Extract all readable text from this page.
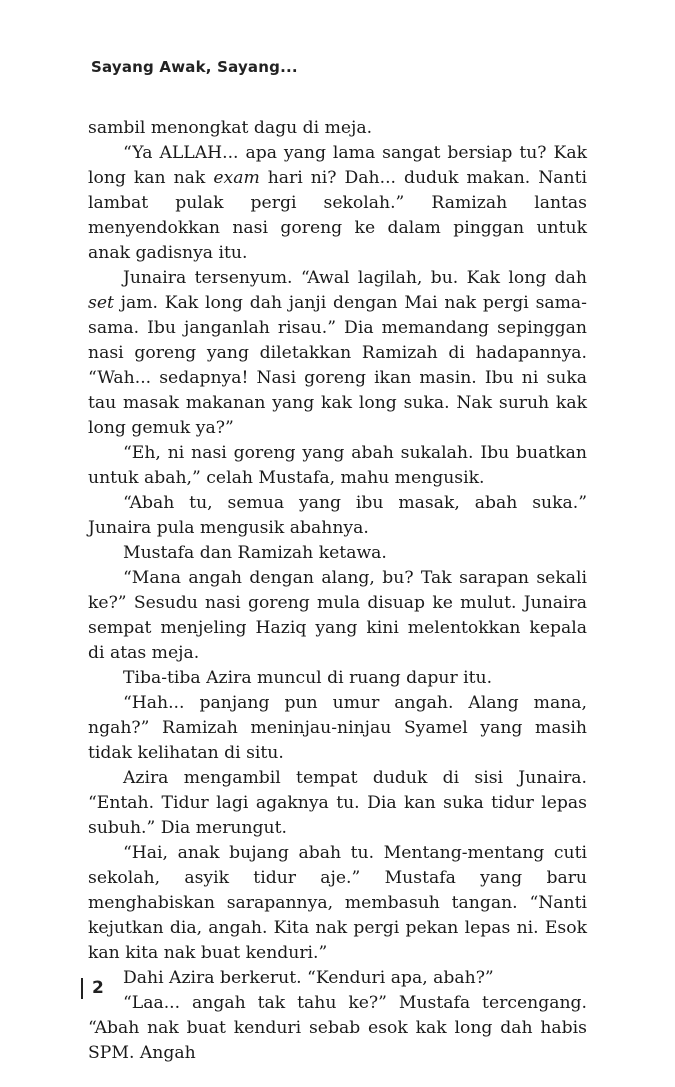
Sayang Awak, Sayang...

sambil menongkat dagu di meja.

“Ya ALLAH... apa yang lama sangat bersiap tu? Kak long kan nak exam hari ni? Dah... duduk makan. Nanti lambat pulak pergi sekolah.” Ramizah lantas menyendokkan nasi goreng ke dalam pinggan untuk anak gadisnya itu.

Junaira tersenyum. “Awal lagilah, bu. Kak long dah set jam. Kak long dah janji dengan Mai nak pergi sama-sama. Ibu janganlah risau.” Dia memandang sepinggan nasi goreng yang diletakkan Ramizah di hadapannya. “Wah... sedapnya! Nasi goreng ikan masin. Ibu ni suka tau masak makanan yang kak long suka. Nak suruh kak long gemuk ya?”

“Eh, ni nasi goreng yang abah sukalah. Ibu buatkan untuk abah,” celah Mustafa, mahu mengusik.

“Abah tu, semua yang ibu masak, abah suka.” Junaira pula mengusik abahnya.

Mustafa dan Ramizah ketawa.

“Mana angah dengan alang, bu? Tak sarapan sekali ke?” Sesudu nasi goreng mula disuap ke mulut. Junaira sempat menjeling Haziq yang kini melentokkan kepala di atas meja.

Tiba-tiba Azira muncul di ruang dapur itu.

“Hah... panjang pun umur angah. Alang mana, ngah?” Ramizah meninjau-ninjau Syamel yang masih tidak kelihatan di situ.

Azira mengambil tempat duduk di sisi Junaira. “Entah. Tidur lagi agaknya tu. Dia kan suka tidur lepas subuh.” Dia merungut.

“Hai, anak bujang abah tu. Mentang-mentang cuti sekolah, asyik tidur aje.” Mustafa yang baru menghabiskan sarapannya, membasuh tangan. “Nanti kejutkan dia, angah. Kita nak pergi pekan lepas ni. Esok kan kita nak buat kenduri.”

Dahi Azira berkerut. “Kenduri apa, abah?”

“Laa... angah tak tahu ke?” Mustafa tercengang. “Abah nak buat kenduri sebab esok kak long dah habis SPM. Angah

2
